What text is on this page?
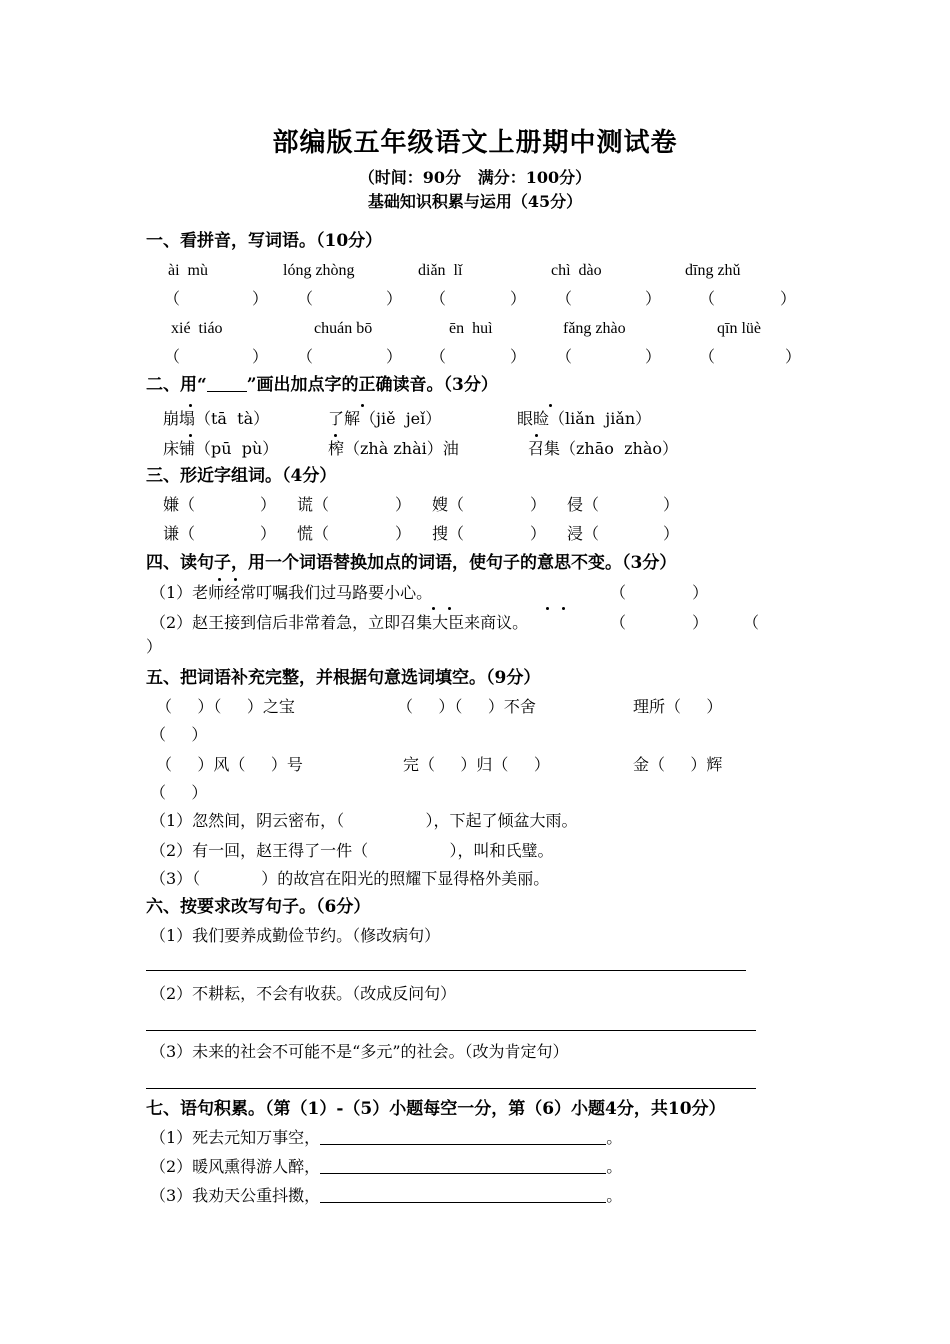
部编版五年级语文上册期中测试卷
（时间：90分   满分：100分）
基础知识积累与运用（45分）
一、看拼音，写词语。（10分）
ài  mù	lóng zhòng	diǎn  lǐ	chì  dào	dīng zhǔ
（	） （	） （	） （	） （	）
xié  tiáo	chuán bō	ēn  huì	fǎng zhào	qīn lüè
（	） （	） （	） （	） （	）
二、用“ ”画出加点字的正确读音。（3分）
崩塌（tā  tà）	了解（jiě  jeǐ）	眼睑（liǎn  jiǎn）
床铺（pū  pù）	榨（zhà zhài）油	召集（zhāo  zhào）
三、形近字组词。（4分）
嫌（	） 谎（	） 嫂（	） 侵（	）
谦（	） 慌（	） 搜（	） 浸（	）
四、读句子，用一个词语替换加点的词语，使句子的意思不变。（3分）
（1）老师经常叮嘱我们过马路要小心。	（             ）
（2）赵王接到信后非常着急，立即召集大臣来商议。	（             ） （
）
五、把词语补充完整，并根据句意选词填空。（9分）
（     ）（     ）之宝	（     ）（     ）不舍	理所（     ）
（     ）
（     ）风（     ）号	完（     ）归（     ）	金（     ）辉
（     ）
（1）忽然间，阴云密布，（                ），下起了倾盆大雨。
（2）有一回，赵王得了一件（                ），叫和氏璧。
（3）（            ）的故宫在阳光的照耀下显得格外美丽。
六、按要求改写句子。（6分）
（1）我们要养成勤俭节约。（修改病句）
（2）不耕耘，不会有收获。（改成反问句）
（3）未来的社会不可能不是“多元”的社会。（改为肯定句）
七、语句积累。（第（1）-（5）小题每空一分，第（6）小题4分，共10分）
（1）死去元知万事空，	。
（2）暖风熏得游人醉，	。
（3）我劝天公重抖擞，	。
